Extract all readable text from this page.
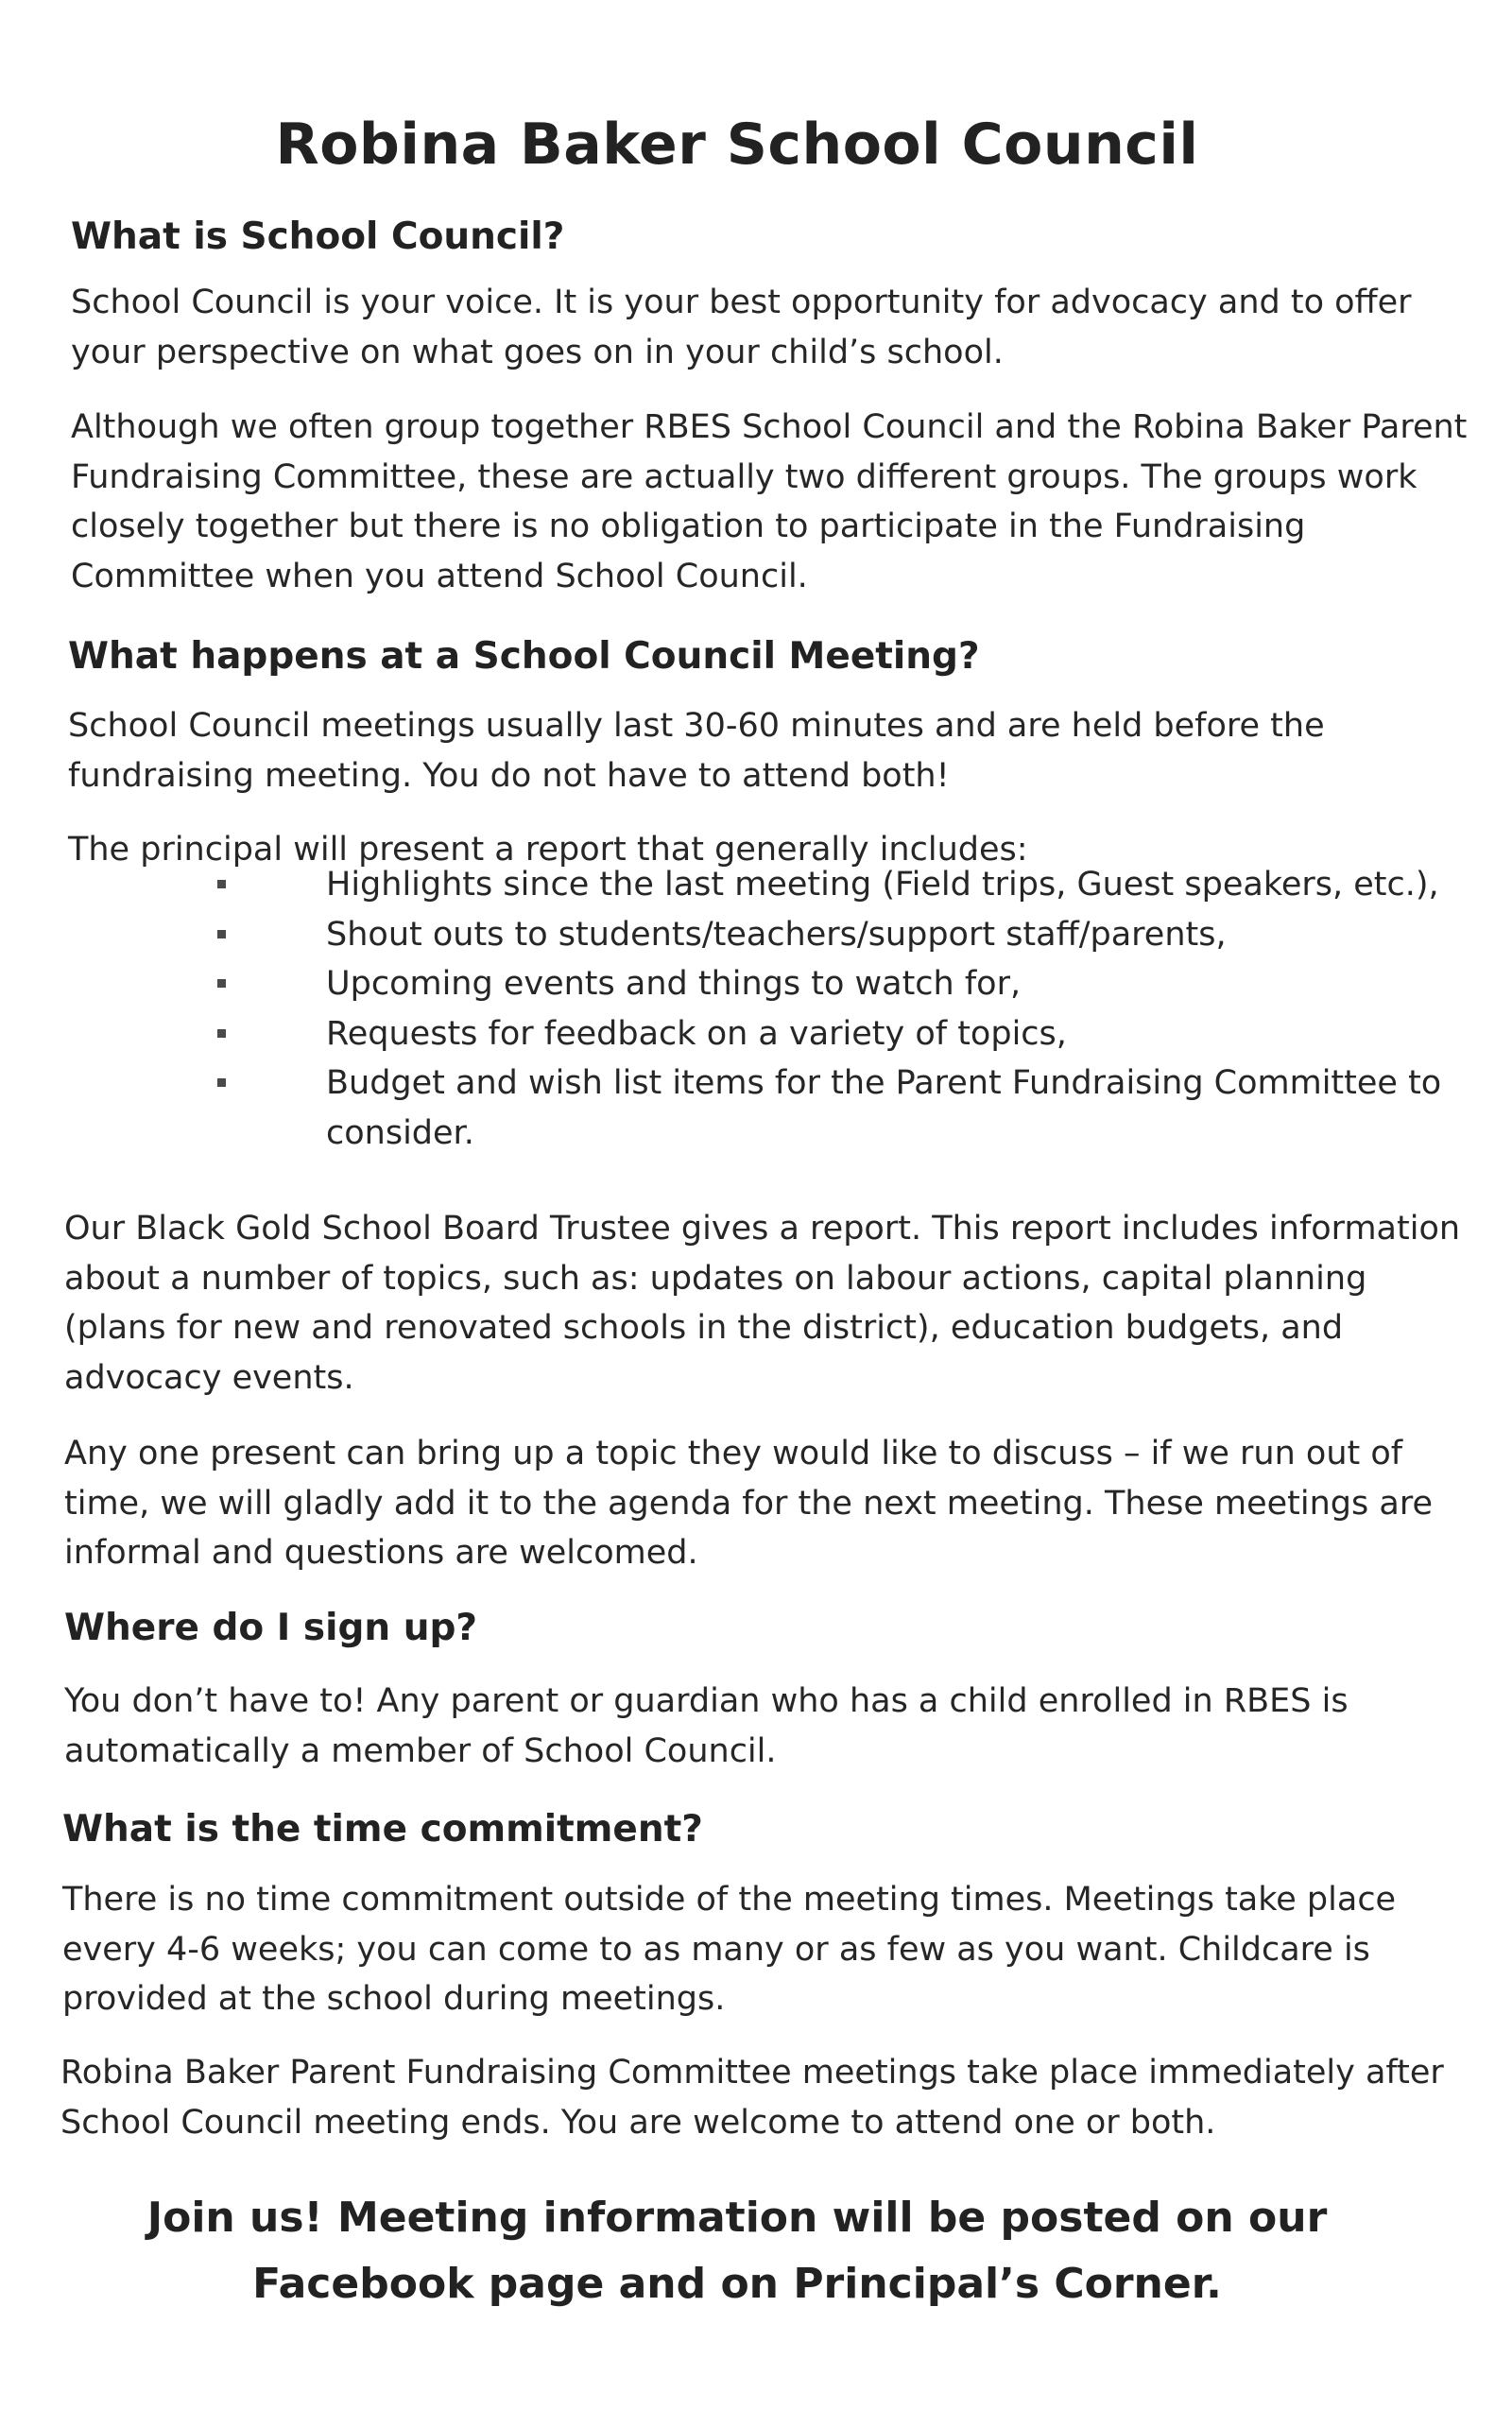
Robina Baker School Council
What is School Council?
School Council is your voice. It is your best opportunity for advocacy and to offer your perspective on what goes on in your child’s school.
Although we often group together RBES School Council and the Robina Baker Parent Fundraising Committee, these are actually two different groups. The groups work closely together but there is no obligation to participate in the Fundraising Committee when you attend School Council.
What happens at a School Council Meeting?
School Council meetings usually last 30-60 minutes and are held before the fundraising meeting. You do not have to attend both!
The principal will present a report that generally includes:
Highlights since the last meeting (Field trips, Guest speakers, etc.),
Shout outs to students/teachers/support staff/parents,
Upcoming events and things to watch for,
Requests for feedback on a variety of topics,
Budget and wish list items for the Parent Fundraising Committee to consider.
Our Black Gold School Board Trustee gives a report. This report includes information about a number of topics, such as: updates on labour actions, capital planning (plans for new and renovated schools in the district), education budgets, and advocacy events.
Any one present can bring up a topic they would like to discuss – if we run out of time, we will gladly add it to the agenda for the next meeting. These meetings are informal and questions are welcomed.
Where do I sign up?
You don’t have to! Any parent or guardian who has a child enrolled in RBES is automatically a member of School Council.
What is the time commitment?
There is no time commitment outside of the meeting times. Meetings take place every 4-6 weeks; you can come to as many or as few as you want. Childcare is provided at the school during meetings.
Robina Baker Parent Fundraising Committee meetings take place immediately after School Council meeting ends. You are welcome to attend one or both.
Join us! Meeting information will be posted on our
Facebook page and on Principal’s Corner.
